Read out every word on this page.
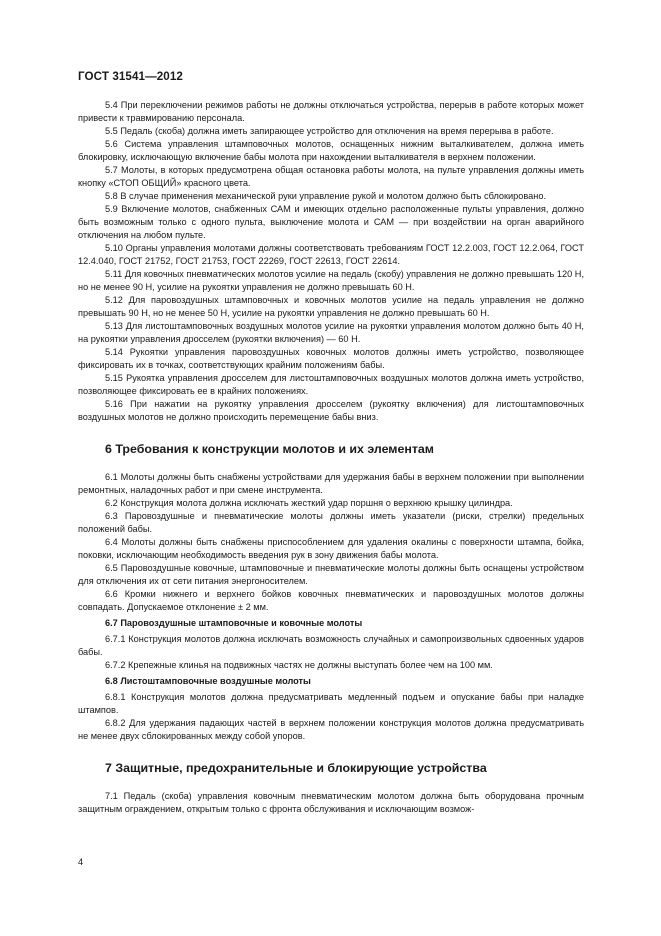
ГОСТ 31541—2012

5.4 При переключении режимов работы не должны отключаться устройства, перерыв в работе которых может привести к травмированию персонала.

5.5 Педаль (скоба) должна иметь запирающее устройство для отключения на время перерыва в работе.

5.6 Система управления штамповочных молотов, оснащенных нижним выталкивателем, должна иметь блокировку, исключающую включение бабы молота при нахождении выталкивателя в верхнем положении.

5.7 Молоты, в которых предусмотрена общая остановка работы молота, на пульте управления должны иметь кнопку «СТОП ОБЩИЙ» красного цвета.

5.8 В случае применения механической руки управление рукой и молотом должно быть сблокировано.

5.9 Включение молотов, снабженных САМ и имеющих отдельно расположенные пульты управления, должно быть возможным только с одного пульта, выключение молота и САМ — при воздействии на орган аварийного отключения на любом пульте.

5.10 Органы управления молотами должны соответствовать требованиям ГОСТ 12.2.003, ГОСТ 12.2.064, ГОСТ 12.4.040, ГОСТ 21752, ГОСТ 21753, ГОСТ 22269, ГОСТ 22613, ГОСТ 22614.

5.11 Для ковочных пневматических молотов усилие на педаль (скобу) управления не должно превышать 120 Н, но не менее 90 Н, усилие на рукоятки управления не должно превышать 60 Н.

5.12 Для паровоздушных штамповочных и ковочных молотов усилие на педаль управления не должно превышать 90 Н, но не менее 50 Н, усилие на рукоятки управления не должно превышать 60 Н.

5.13 Для листоштамповочных воздушных молотов усилие на рукоятки управления молотом должно быть 40 Н, на рукоятки управления дросселем (рукоятки включения) — 60 Н.

5.14 Рукоятки управления паровоздушных ковочных молотов должны иметь устройство, позволяющее фиксировать их в точках, соответствующих крайним положениям бабы.

5.15 Рукоятка управления дросселем для листоштамповочных воздушных молотов должна иметь устройство, позволяющее фиксировать ее в крайних положениях.

5.16 При нажатии на рукоятку управления дросселем (рукоятку включения) для листоштамповочных воздушных молотов не должно происходить перемещение бабы вниз.

6 Требования к конструкции молотов и их элементам

6.1 Молоты должны быть снабжены устройствами для удержания бабы в верхнем положении при выполнении ремонтных, наладочных работ и при смене инструмента.

6.2 Конструкция молота должна исключать жесткий удар поршня о верхнюю крышку цилиндра.

6.3 Паровоздушные и пневматические молоты должны иметь указатели (риски, стрелки) предельных положений бабы.

6.4 Молоты должны быть снабжены приспособлением для удаления окалины с поверхности штампа, бойка, поковки, исключающим необходимость введения рук в зону движения бабы молота.

6.5 Паровоздушные ковочные, штамповочные и пневматические молоты должны быть оснащены устройством для отключения их от сети питания энергоносителем.

6.6 Кромки нижнего и верхнего бойков ковочных пневматических и паровоздушных молотов должны совпадать. Допускаемое отклонение ± 2 мм.

6.7 Паровоздушные штамповочные и ковочные молоты

6.7.1 Конструкция молотов должна исключать возможность случайных и самопроизвольных сдвоенных ударов бабы.

6.7.2 Крепежные клинья на подвижных частях не должны выступать более чем на 100 мм.

6.8 Листоштамповочные воздушные молоты

6.8.1 Конструкция молотов должна предусматривать медленный подъем и опускание бабы при наладке штампов.

6.8.2 Для удержания падающих частей в верхнем положении конструкция молотов должна предусматривать не менее двух сблокированных между собой упоров.

7 Защитные, предохранительные и блокирующие устройства

7.1 Педаль (скоба) управления ковочным пневматическим молотом должна быть оборудована прочным защитным ограждением, открытым только с фронта обслуживания и исключающим возмож-

4
